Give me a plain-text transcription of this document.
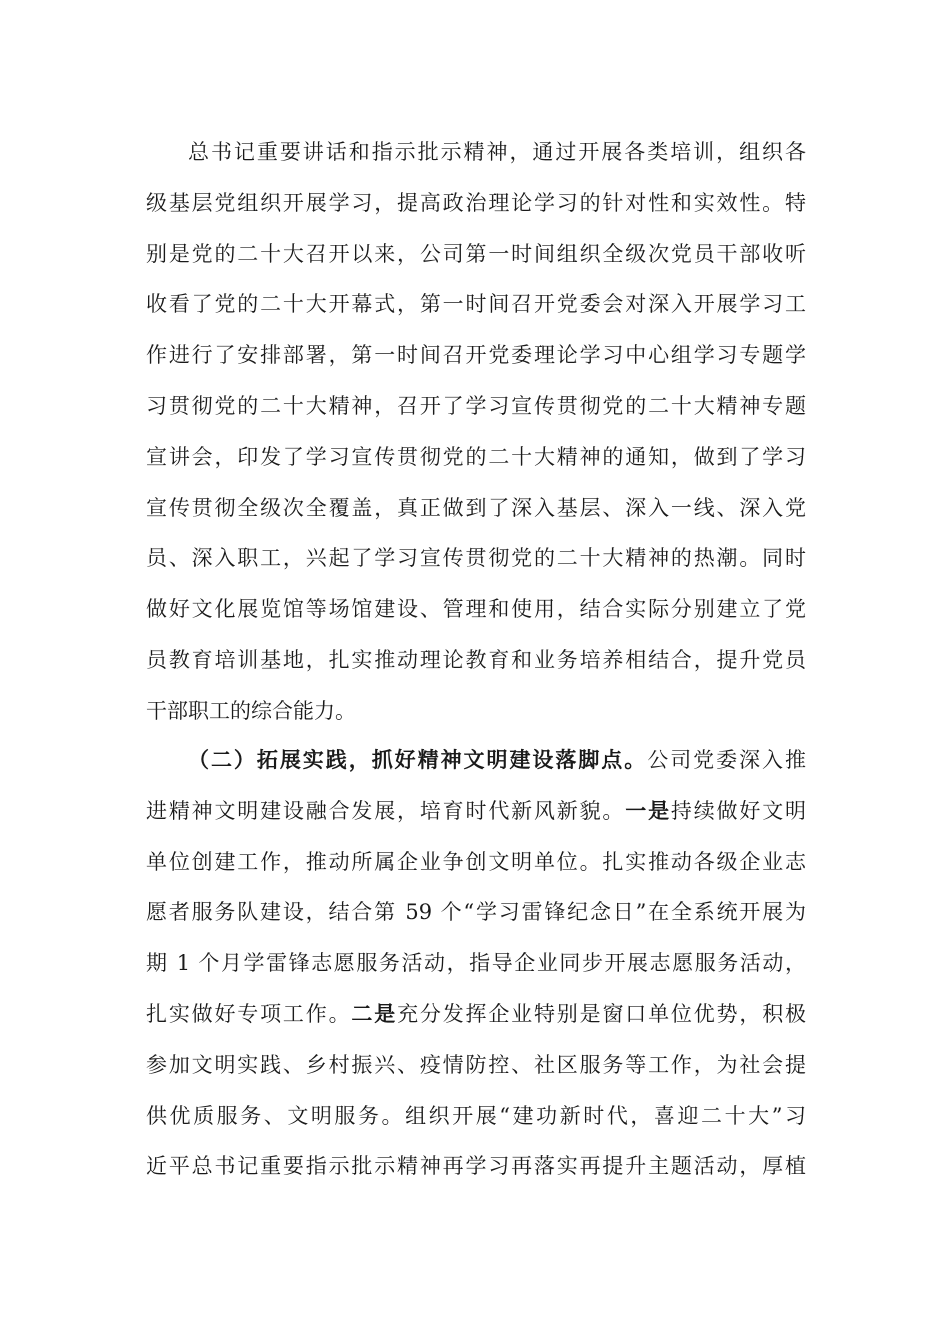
总书记重要讲话和指示批示精神，通过开展各类培训，组织各
级基层党组织开展学习，提高政治理论学习的针对性和实效性。特
别是党的二十大召开以来，公司第一时间组织全级次党员干部收听
收看了党的二十大开幕式，第一时间召开党委会对深入开展学习工
作进行了安排部署，第一时间召开党委理论学习中心组学习专题学
习贯彻党的二十大精神，召开了学习宣传贯彻党的二十大精神专题
宣讲会，印发了学习宣传贯彻党的二十大精神的通知，做到了学习
宣传贯彻全级次全覆盖，真正做到了深入基层、深入一线、深入党
员、深入职工，兴起了学习宣传贯彻党的二十大精神的热潮。同时
做好文化展览馆等场馆建设、管理和使用，结合实际分别建立了党
员教育培训基地，扎实推动理论教育和业务培养相结合，提升党员
干部职工的综合能力。
（二）拓展实践，抓好精神文明建设落脚点。公司党委深入推
进精神文明建设融合发展，培育时代新风新貌。一是持续做好文明
单位创建工作，推动所属企业争创文明单位。扎实推动各级企业志
愿者服务队建设，结合第 59 个“学习雷锋纪念日”在全系统开展为
期 1 个月学雷锋志愿服务活动，指导企业同步开展志愿服务活动，
扎实做好专项工作。二是充分发挥企业特别是窗口单位优势，积极
参加文明实践、乡村振兴、疫情防控、社区服务等工作，为社会提
供优质服务、文明服务。组织开展“建功新时代，喜迎二十大”习
近平总书记重要指示批示精神再学习再落实再提升主题活动，厚植
